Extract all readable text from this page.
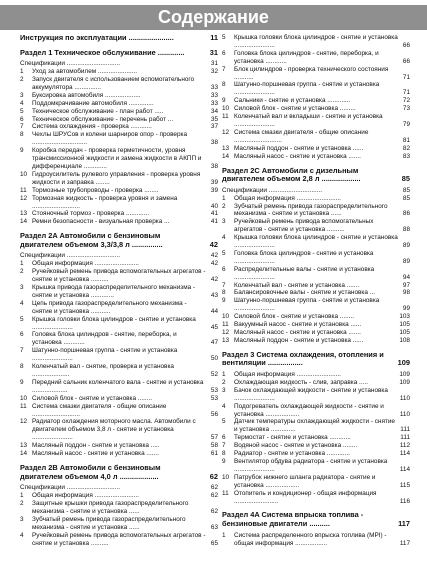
Содержание
Инструкция по эксплуатации ......................	11
Раздел 1 Техническое обслуживание .............	31
Спецификации ..............................	31
1 Уход за автомобилем ......................	32
2 Запуск двигателя с использованием вспомогательного аккумулятора ...............	33
3 Буксировка автомобиля ....................	33
4 Поддомкрачивание автомобиля ..............	33
5 Техническое обслуживание - план работ .....	34
6 Техническое обслуживание - перечень работ ...	35
7 Система охлаждения - проверка ............	37
8 Чехлы ШРУСов и колени шарниров опор - проверка ...............................	38
9 Коробка передач - проверка герметичности, уровня трансмиссионной жидкости и замена жидкости в АКПП и дифференциале .............	38
10 Гидроусилитель рулевого управления - проверка уровня жидкости и заправка ........	39
11 Тормозные трубопроводы - проверка ........	39
12 Тормозная жидкость - проверка уровня и замена ...........................	40
13 Стояночный тормоз - проверка .............	41
14 Ремни безопасности - визуальная проверка ...	41
Раздел 2A Автомобили с бензиновым двигателем объемом 3,3/3,8 л ...............	42
Спецификации ..............................	42
1 Общая информация .........................	42
2 Ручейковый ремень привода вспомогательных агрегатов - снятие и установка ..........	42
3 Крышка привода газораспределительного механизма - снятие и установка .............	43
4 Цепь привода газораспределительного механизма - снятие и установка ...........	44
5 Крышка головки блока цилиндров - снятие и установка .......................	45
6 Головка блока цилиндров - снятие, переборка, и установка ............	47
7 Шатунно-поршневая группа - снятие и установка .......................	50
8 Коленчатый вал - снятие, проверка и установка .....................	52
9 Передний сальник коленчатого вала - снятие и установка ....................	53
10 Силовой блок - снятие и установка ........	53
11 Система смазки двигателя - общие описание ...........................	56
12 Радиатор охлаждения моторного масла. Автомобили с двигателем объемом 3,8 л - снятие и установка .......................	57
13 Масляный поддон - снятие и установка .....	58
14 Масляный насос - снятие и установка .......	61
Раздел 2B Автомобили с бензиновым двигателем объемом 4,0 л ...................	62
Спецификации ..............................	62
1 Общая информация .........................	62
2 Защитные крышки привода газораспределительного механизма - снятие и установка ......	62
3 Зубчатый ремень привода газораспределительного механизма - снятие и установка ......	63
4 Ручейковый ремень привода вспомогательных агрегатов - снятие и установка ..........	65
5 Крышка головки блока цилиндров - снятие и установка .......................	66
6 Головка блока цилиндров - снятие, переборка, и установка ............	66
7 Блок цилиндров - проверка технического состояния ...........	71
8 Шатунно-поршневая группа - снятие и установка .......................	71
9 Сальники - снятие и установка .............	72
10 Силовой блок - снятие и установка .........	73
11 Коленчатый вал и вкладыши - снятие и установка .......................	79
12 Система смазки двигателя - общие описание ...........................	81
13 Масляный поддон - снятие и установка ......	82
14 Масляный насос - снятие и установка .......	83
Раздел 2C Автомобили с дизельным двигателем объемом 2,8 л ...................	85
Спецификации ..............................	85
1 Общая информация .........................	85
2 Зубчатый ремень привода газораспределительного механизма - снятие и установка ......	86
3 Ручейковый ремень привода вспомогательных агрегатов - снятие и установка ..........	88
4 Крышка головки блока цилиндров - снятие и установка .......................	89
5 Головка блока цилиндров - снятие и установка .......................	89
6 Распределительные валы - снятие и установка .......................	94
7 Коленчатый вал - снятие и установка .......	97
8 Балансировочные валы - снятие и установка ...	98
9 Шатунно-поршневая группа - снятие и установка .......................	99
10 Силовой блок - снятие и установка ........	103
11 Вакуумный насос - снятие и установка ......	105
12 Масляный насос - снятие и установка .......	105
13 Масляный поддон - снятие и установка ......	108
Раздел 3 Система охлаждения, отопления и вентиляции .................	109
1 Общая информация .........................	109
2 Охлаждающая жидкость - слив, заправка .....	109
3 Бачок охлаждающей жидкости - снятие и установка .......................	110
4 Подогреватель охлаждающей жидкости - снятие и установка ...................	110
5 Датчик температуры охлаждающей жидкости - снятие и установка ..............	111
6 Термостат - снятие и установка ............	111
7 Водяной насос - снятие и установка ........	112
8 Радиатор - снятие и установка .............	114
9 Вентилятор обдува радиатора - снятие и установка .......................	114
10 Патрубок нижнего шланга радиатора - снятие и установка ...................	115
11 Отопитель и кондиционер - общая информация .........................	116
Раздел 4A Система впрыска топлива - бензиновые двигатели ..........	117
1 Система распределенного впрыска топлива (MPI) - общая информация ..................	117
